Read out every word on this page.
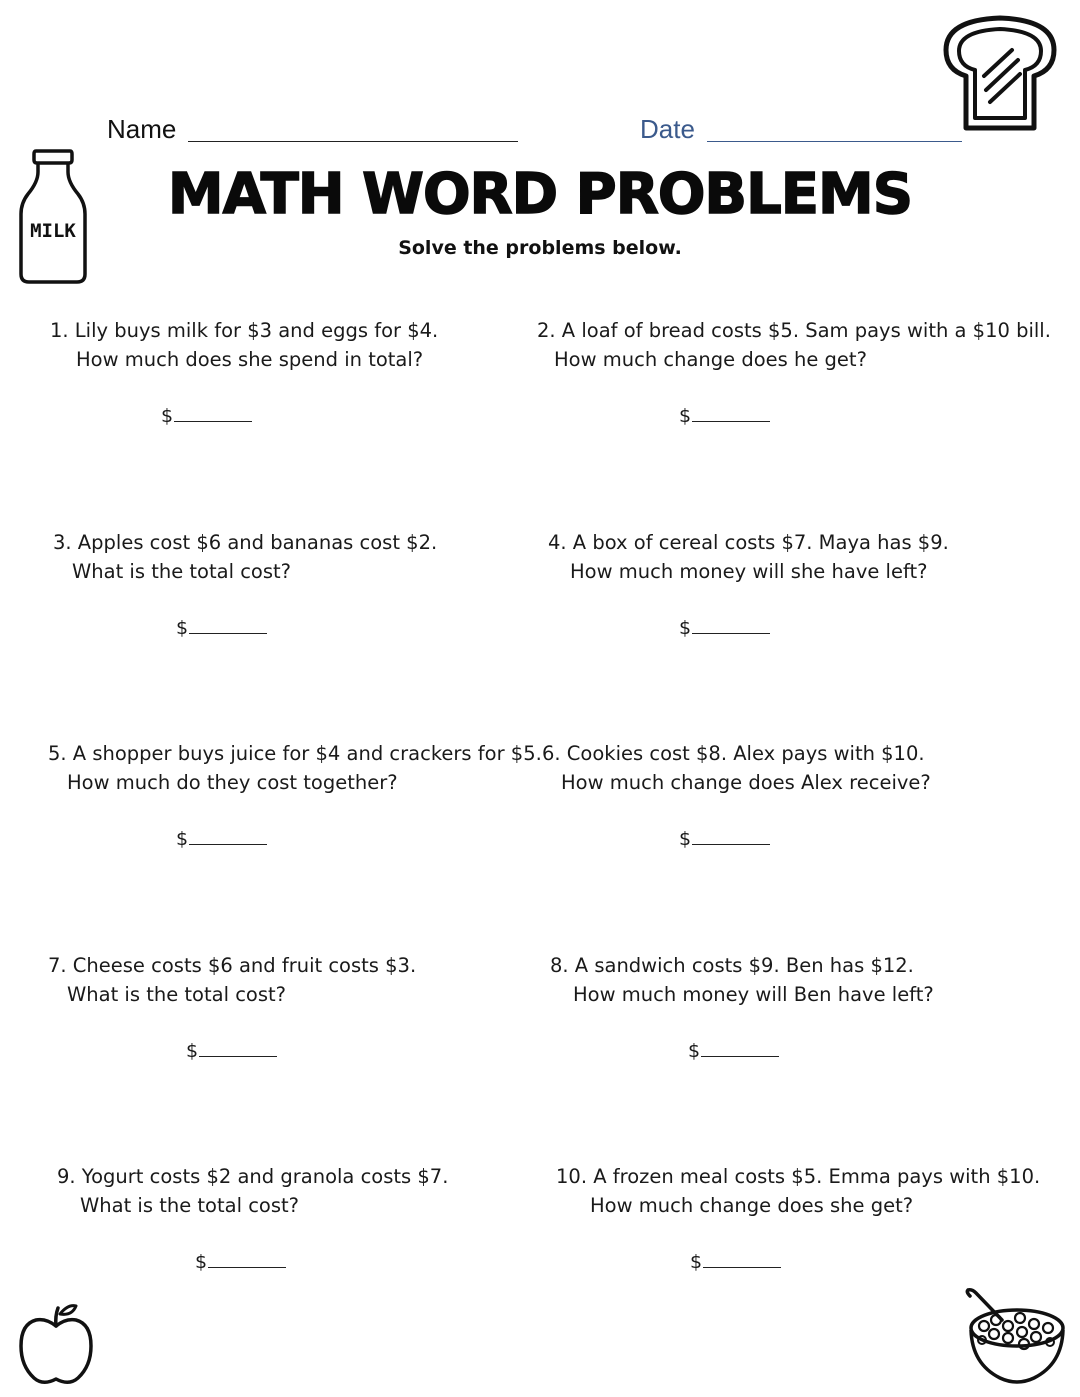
Name	Date
MATH WORD PROBLEMS
Solve the problems below.
MILK
1. Lily buys milk for $3 and eggs for $4.
How much does she spend in total?
$
2. A loaf of bread costs $5. Sam pays with a $10 bill.
How much change does he get?
$
3. Apples cost $6 and bananas cost $2.
What is the total cost?
$
4. A box of cereal costs $7. Maya has $9.
How much money will she have left?
$
5. A shopper buys juice for $4 and crackers for $5.
How much do they cost together?
$
6. Cookies cost $8. Alex pays with $10.
How much change does Alex receive?
$
7. Cheese costs $6 and fruit costs $3.
What is the total cost?
$
8. A sandwich costs $9. Ben has $12.
How much money will Ben have left?
$
9. Yogurt costs $2 and granola costs $7.
What is the total cost?
$
10. A frozen meal costs $5. Emma pays with $10.
How much change does she get?
$
